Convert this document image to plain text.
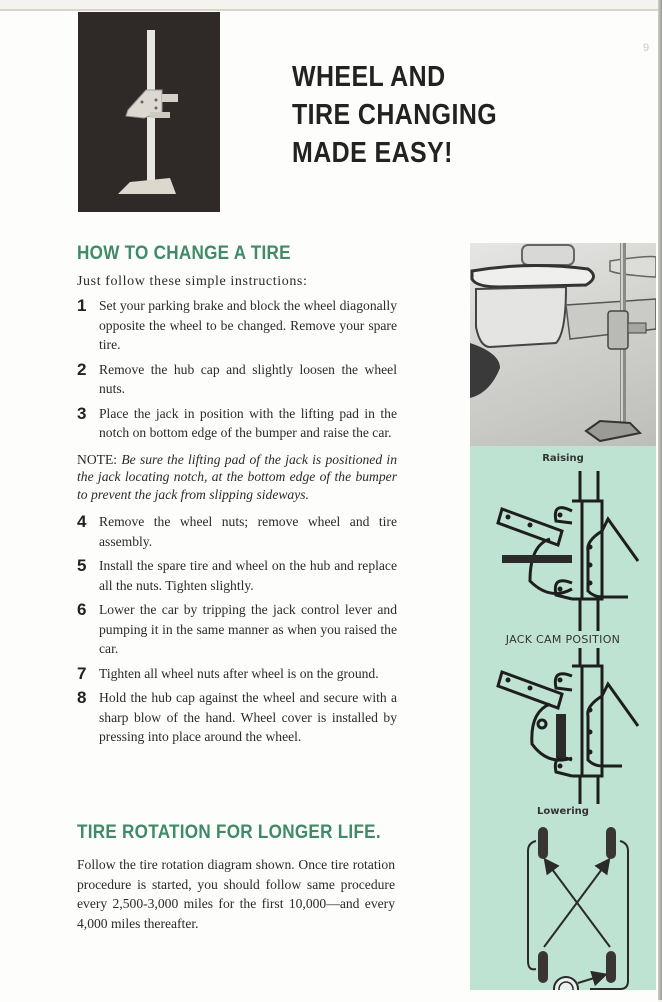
9
WHEEL AND
TIRE CHANGING
MADE EASY!
HOW TO CHANGE A TIRE
Just follow these simple instructions:
1 Set your parking brake and block the wheel diagonally opposite the wheel to be changed. Remove your spare tire.
2 Remove the hub cap and slightly loosen the wheel nuts.
3 Place the jack in position with the lifting pad in the notch on bottom edge of the bumper and raise the car.
NOTE: Be sure the lifting pad of the jack is positioned in the jack locating notch, at the bottom edge of the bumper to prevent the jack from slipping sideways.
4 Remove the wheel nuts; remove wheel and tire assembly.
5 Install the spare tire and wheel on the hub and replace all the nuts. Tighten slightly.
6 Lower the car by tripping the jack control lever and pumping it in the same manner as when you raised the car.
7 Tighten all wheel nuts after wheel is on the ground.
8 Hold the hub cap against the wheel and secure with a sharp blow of the hand. Wheel cover is installed by pressing into place around the wheel.
TIRE ROTATION FOR LONGER LIFE.
Follow the tire rotation diagram shown. Once tire rotation procedure is started, you should follow same procedure every 2,500-3,000 miles for the first 10,000—and every 4,000 miles thereafter.
Raising
JACK CAM POSITION
Lowering
